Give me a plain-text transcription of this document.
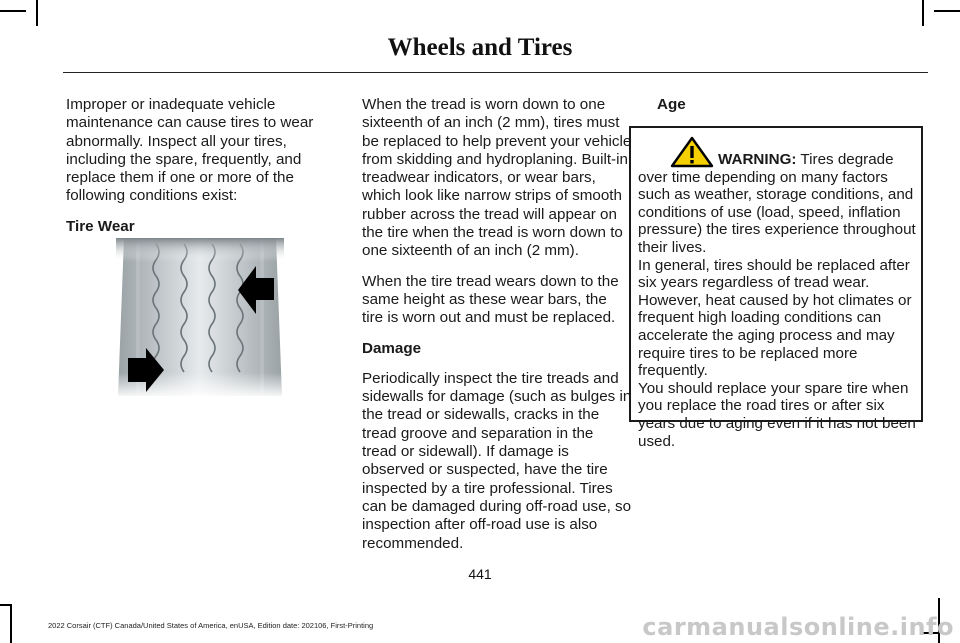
Wheels and Tires

Improper or inadequate vehicle maintenance can cause tires to wear abnormally. Inspect all your tires, including the spare, frequently, and replace them if one or more of the following conditions exist:

Tire Wear

When the tread is worn down to one sixteenth of an inch (2 mm), tires must be replaced to help prevent your vehicle from skidding and hydroplaning. Built-in treadwear indicators, or wear bars, which look like narrow strips of smooth rubber across the tread will appear on the tire when the tread is worn down to one sixteenth of an inch (2 mm).

When the tire tread wears down to the same height as these wear bars, the tire is worn out and must be replaced.

Damage

Periodically inspect the tire treads and sidewalls for damage (such as bulges in the tread or sidewalls, cracks in the tread groove and separation in the tread or sidewall). If damage is observed or suspected, have the tire inspected by a tire professional. Tires can be damaged during off-road use, so inspection after off-road use is also recommended.

Age

WARNING: Tires degrade over time depending on many factors such as weather, storage conditions, and conditions of use (load, speed, inflation pressure) the tires experience throughout their lives.

In general, tires should be replaced after six years regardless of tread wear. However, heat caused by hot climates or frequent high loading conditions can accelerate the aging process and may require tires to be replaced more frequently.

You should replace your spare tire when you replace the road tires or after six years due to aging even if it has not been used.

441
2022 Corsair (CTF) Canada/United States of America, enUSA, Edition date: 202106, First-Printing	carmanualsonline.info
